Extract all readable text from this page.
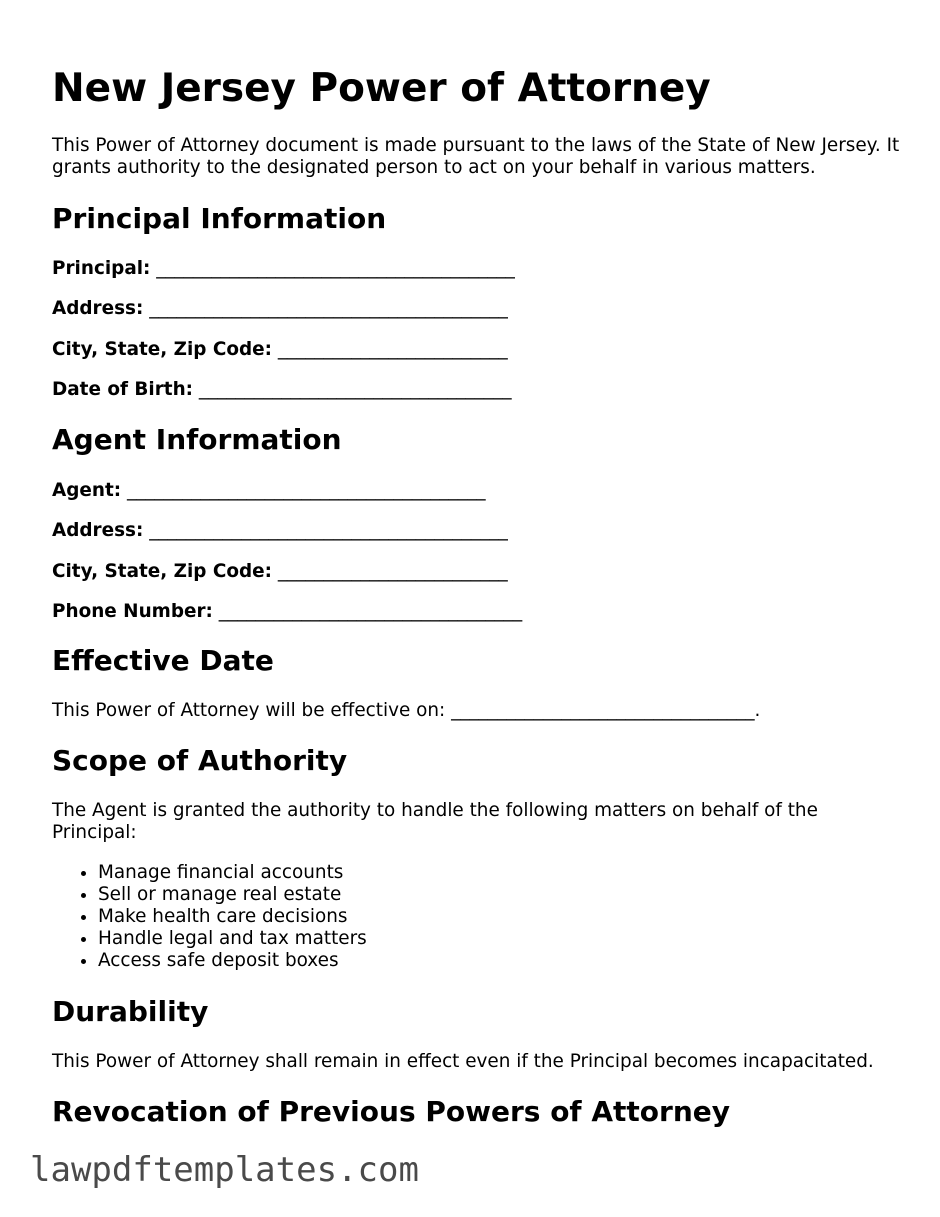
New Jersey Power of Attorney

This Power of Attorney document is made pursuant to the laws of the State of New Jersey. It grants authority to the designated person to act on your behalf in various matters.

Principal Information

Principal: _______________________________________

Address: _______________________________________

City, State, Zip Code: _________________________

Date of Birth: __________________________________

Agent Information

Agent: _______________________________________

Address: _______________________________________

City, State, Zip Code: _________________________

Phone Number: _________________________________

Effective Date

This Power of Attorney will be effective on: _________________________________.

Scope of Authority

The Agent is granted the authority to handle the following matters on behalf of the Principal:

• Manage financial accounts
• Sell or manage real estate
• Make health care decisions
• Handle legal and tax matters
• Access safe deposit boxes
Durability

This Power of Attorney shall remain in effect even if the Principal becomes incapacitated.

Revocation of Previous Powers of Attorney

lawpdftemplates.com
